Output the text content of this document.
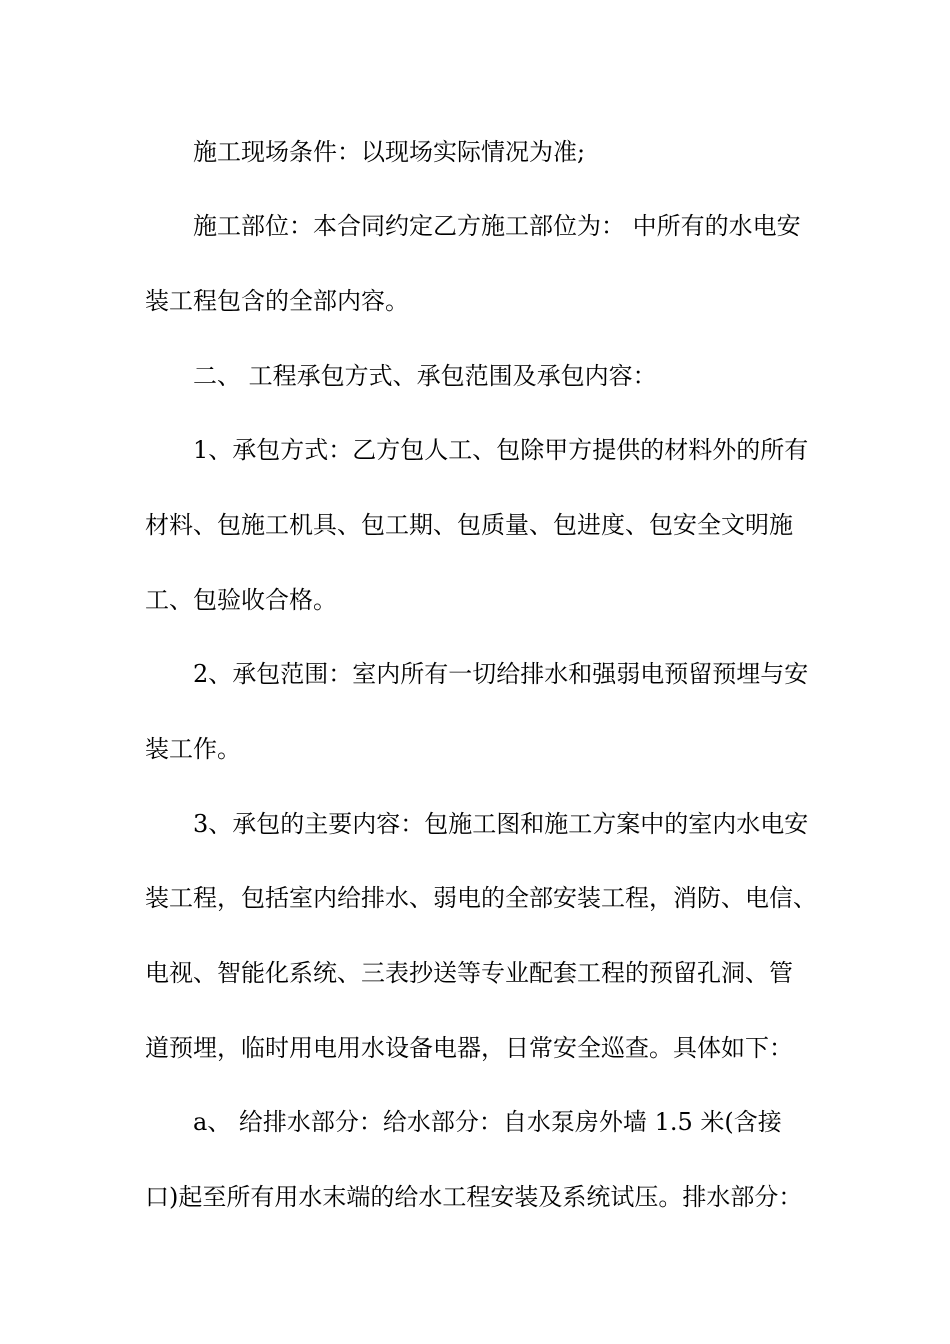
施工现场条件：以现场实际情况为准;
施工部位：本合同约定乙方施工部位为： 中所有的水电安
装工程包含的全部内容。
二、 工程承包方式、承包范围及承包内容：
1、承包方式：乙方包人工、包除甲方提供的材料外的所有
材料、包施工机具、包工期、包质量、包进度、包安全文明施
工、包验收合格。
2、承包范围：室内所有一切给排水和强弱电预留预埋与安
装工作。
3、承包的主要内容：包施工图和施工方案中的室内水电安
装工程，包括室内给排水、弱电的全部安装工程，消防、电信、
电视、智能化系统、三表抄送等专业配套工程的预留孔洞、管
道预埋，临时用电用水设备电器，日常安全巡查。具体如下：
a、 给排水部分：给水部分：自水泵房外墙 1.5 米(含接
口)起至所有用水末端的给水工程安装及系统试压。排水部分：
